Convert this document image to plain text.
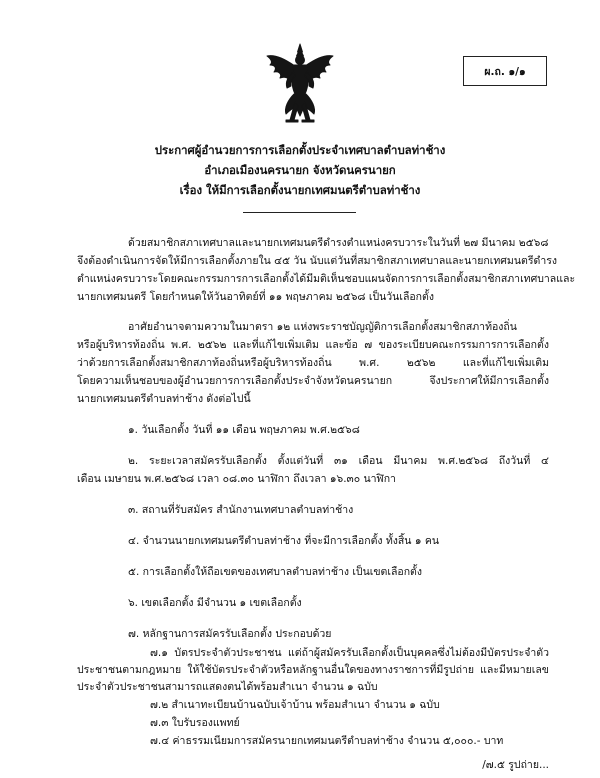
ผ.ถ. ๑/๑
ประกาศผู้อำนวยการการเลือกตั้งประจำเทศบาลตำบลท่าช้าง
อำเภอเมืองนครนายก จังหวัดนครนายก
เรื่อง ให้มีการเลือกตั้งนายกเทศมนตรีตำบลท่าช้าง
ด้วยสมาชิกสภาเทศบาลและนายกเทศมนตรีดำรงตำแหน่งครบวาระในวันที่ ๒๗ มีนาคม ๒๕๖๘
จึงต้องดำเนินการจัดให้มีการเลือกตั้งภายใน ๔๕ วัน นับแต่วันที่สมาชิกสภาเทศบาลและนายกเทศมนตรีดำรง
ตำแหน่งครบวาระโดยคณะกรรมการการเลือกตั้งได้มีมติเห็นชอบแผนจัดการการเลือกตั้งสมาชิกสภาเทศบาลและ
นายกเทศมนตรี โดยกำหนดให้วันอาทิตย์ที่ ๑๑ พฤษภาคม ๒๕๖๘ เป็นวันเลือกตั้ง
อาศัยอำนาจตามความในมาตรา ๑๒ แห่งพระราชบัญญัติการเลือกตั้งสมาชิกสภาท้องถิ่น
หรือผู้บริหารท้องถิ่น พ.ศ. ๒๕๖๒ และที่แก้ไขเพิ่มเติม และข้อ ๗ ของระเบียบคณะกรรมการการเลือกตั้ง
ว่าด้วยการเลือกตั้งสมาชิกสภาท้องถิ่นหรือผู้บริหารท้องถิ่น พ.ศ. ๒๕๖๒ และที่แก้ไขเพิ่มเติม
โดยความเห็นชอบของผู้อำนวยการการเลือกตั้งประจำจังหวัดนครนายก จึงประกาศให้มีการเลือกตั้ง
นายกเทศมนตรีตำบลท่าช้าง ดังต่อไปนี้
๑. วันเลือกตั้ง วันที่ ๑๑ เดือน พฤษภาคม พ.ศ.๒๕๖๘
๒. ระยะเวลาสมัครรับเลือกตั้ง ตั้งแต่วันที่ ๓๑ เดือน มีนาคม พ.ศ.๒๕๖๘ ถึงวันที่ ๔
เดือน เมษายน พ.ศ.๒๕๖๘ เวลา ๐๘.๓๐ นาฬิกา ถึงเวลา ๑๖.๓๐ นาฬิกา
๓. สถานที่รับสมัคร สำนักงานเทศบาลตำบลท่าช้าง
๔. จำนวนนายกเทศมนตรีตำบลท่าช้าง ที่จะมีการเลือกตั้ง ทั้งสิ้น ๑ คน
๕. การเลือกตั้งให้ถือเขตของเทศบาลตำบลท่าช้าง เป็นเขตเลือกตั้ง
๖. เขตเลือกตั้ง มีจำนวน ๑ เขตเลือกตั้ง
๗. หลักฐานการสมัครรับเลือกตั้ง ประกอบด้วย
๗.๑ บัตรประจำตัวประชาชน แต่ถ้าผู้สมัครรับเลือกตั้งเป็นบุคคลซึ่งไม่ต้องมีบัตรประจำตัว
ประชาชนตามกฎหมาย ให้ใช้บัตรประจำตัวหรือหลักฐานอื่นใดของทางราชการที่มีรูปถ่าย และมีหมายเลข
ประจำตัวประชาชนสามารถแสดงตนได้พร้อมสำเนา จำนวน ๑ ฉบับ
๗.๒ สำเนาทะเบียนบ้านฉบับเจ้าบ้าน พร้อมสำเนา จำนวน ๑ ฉบับ
๗.๓ ใบรับรองแพทย์
๗.๔ ค่าธรรมเนียมการสมัครนายกเทศมนตรีตำบลท่าช้าง จำนวน ๕,๐๐๐.- บาท
/๗.๕ รูปถ่าย...
